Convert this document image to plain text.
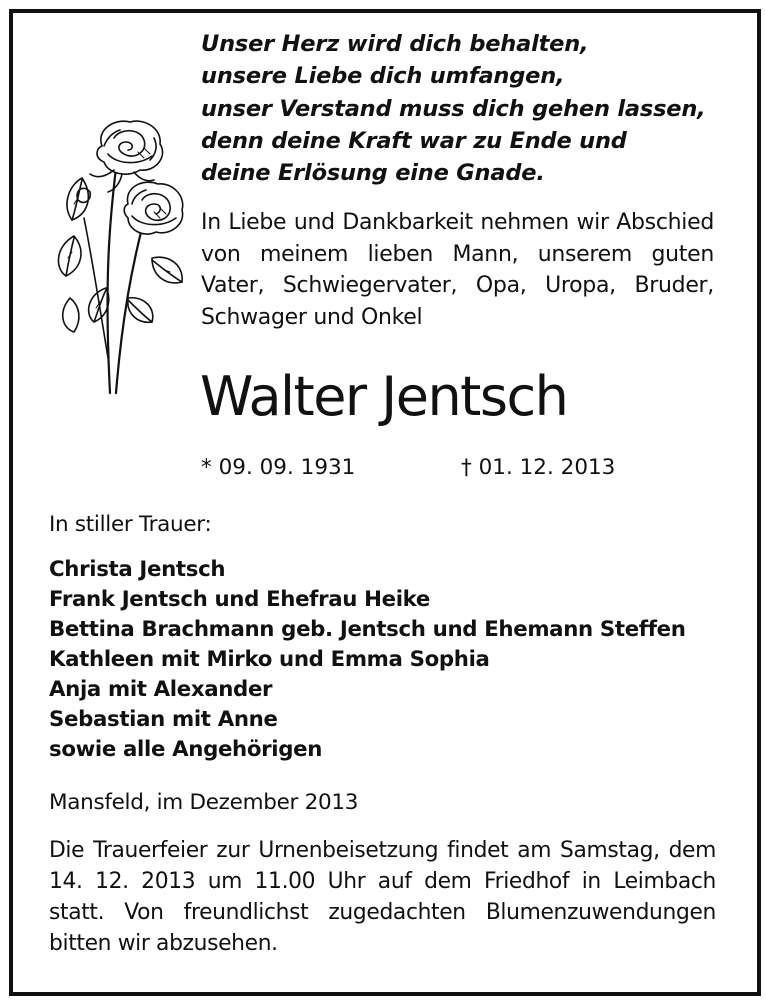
Unser Herz wird dich behalten,
unsere Liebe dich umfangen,
unser Verstand muss dich gehen lassen,
denn deine Kraft war zu Ende und
deine Erlösung eine Gnade.
In Liebe und Dankbarkeit nehmen wir Abschied von meinem lieben Mann, unserem guten Vater, Schwiegervater, Opa, Uropa, Bruder, Schwager und Onkel
Walter Jentsch
* 09. 09. 1931	† 01. 12. 2013
In stiller Trauer:
Christa Jentsch
Frank Jentsch und Ehefrau Heike
Bettina Brachmann geb. Jentsch und Ehemann Steffen
Kathleen mit Mirko und Emma Sophia
Anja mit Alexander
Sebastian mit Anne
sowie alle Angehörigen
Mansfeld, im Dezember 2013
Die Trauerfeier zur Urnenbeisetzung findet am Samstag, dem 14. 12. 2013 um 11.00 Uhr auf dem Friedhof in Leimbach statt. Von freundlichst zugedachten Blumenzuwendungen bitten wir abzusehen.
